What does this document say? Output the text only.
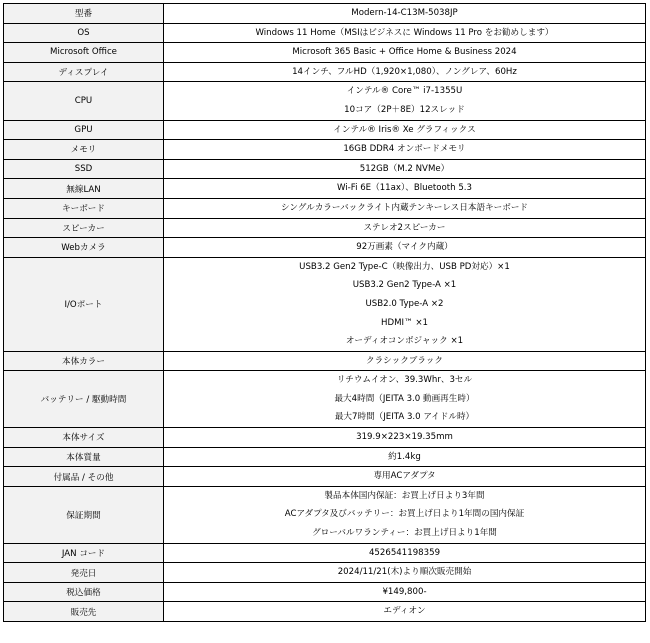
型番	Modern-14-C13M-5038JP

OS	Windows 11 Home（MSIはビジネスに Windows 11 Pro をお勧めします）

Microsoft Office	Microsoft 365 Basic + Office Home & Business 2024

ディスプレイ	14インチ、フルHD（1,920×1,080）、ノングレア、60Hz

CPU	インテル® Core™ i7-1355U
10コア（2P＋8E）12スレッド

GPU	インテル® Iris® Xe グラフィックス

メモリ	16GB DDR4 オンボードメモリ

SSD	512GB（M.2 NVMe）

無線LAN	Wi-Fi 6E（11ax）、Bluetooth 5.3

キーボード	シングルカラーバックライト内蔵テンキーレス日本語キーボード

スピーカー	ステレオ2スピーカー

Webカメラ	92万画素（マイク内蔵）

I/Oポート	USB3.2 Gen2 Type-C（映像出力、USB PD対応）×1
USB3.2 Gen2 Type-A ×1
USB2.0 Type-A ×2
HDMI™ ×1
オーディオコンボジャック ×1

本体カラー	クラシックブラック

バッテリー / 駆動時間	リチウムイオン、39.3Whr、3セル
最大4時間（JEITA 3.0 動画再生時）
最大7時間（JEITA 3.0 アイドル時）

本体サイズ	319.9×223×19.35mm

本体質量	約1.4kg

付属品 / その他	専用ACアダプタ

保証期間	製品本体国内保証：お買上げ日より3年間
ACアダプタ及びバッテリー：お買上げ日より1年間の国内保証
グローバルワランティー：お買上げ日より1年間

JAN コード	4526541198359

発売日	2024/11/21(木)より順次販売開始

税込価格	¥149,800-

販売先	エディオン
